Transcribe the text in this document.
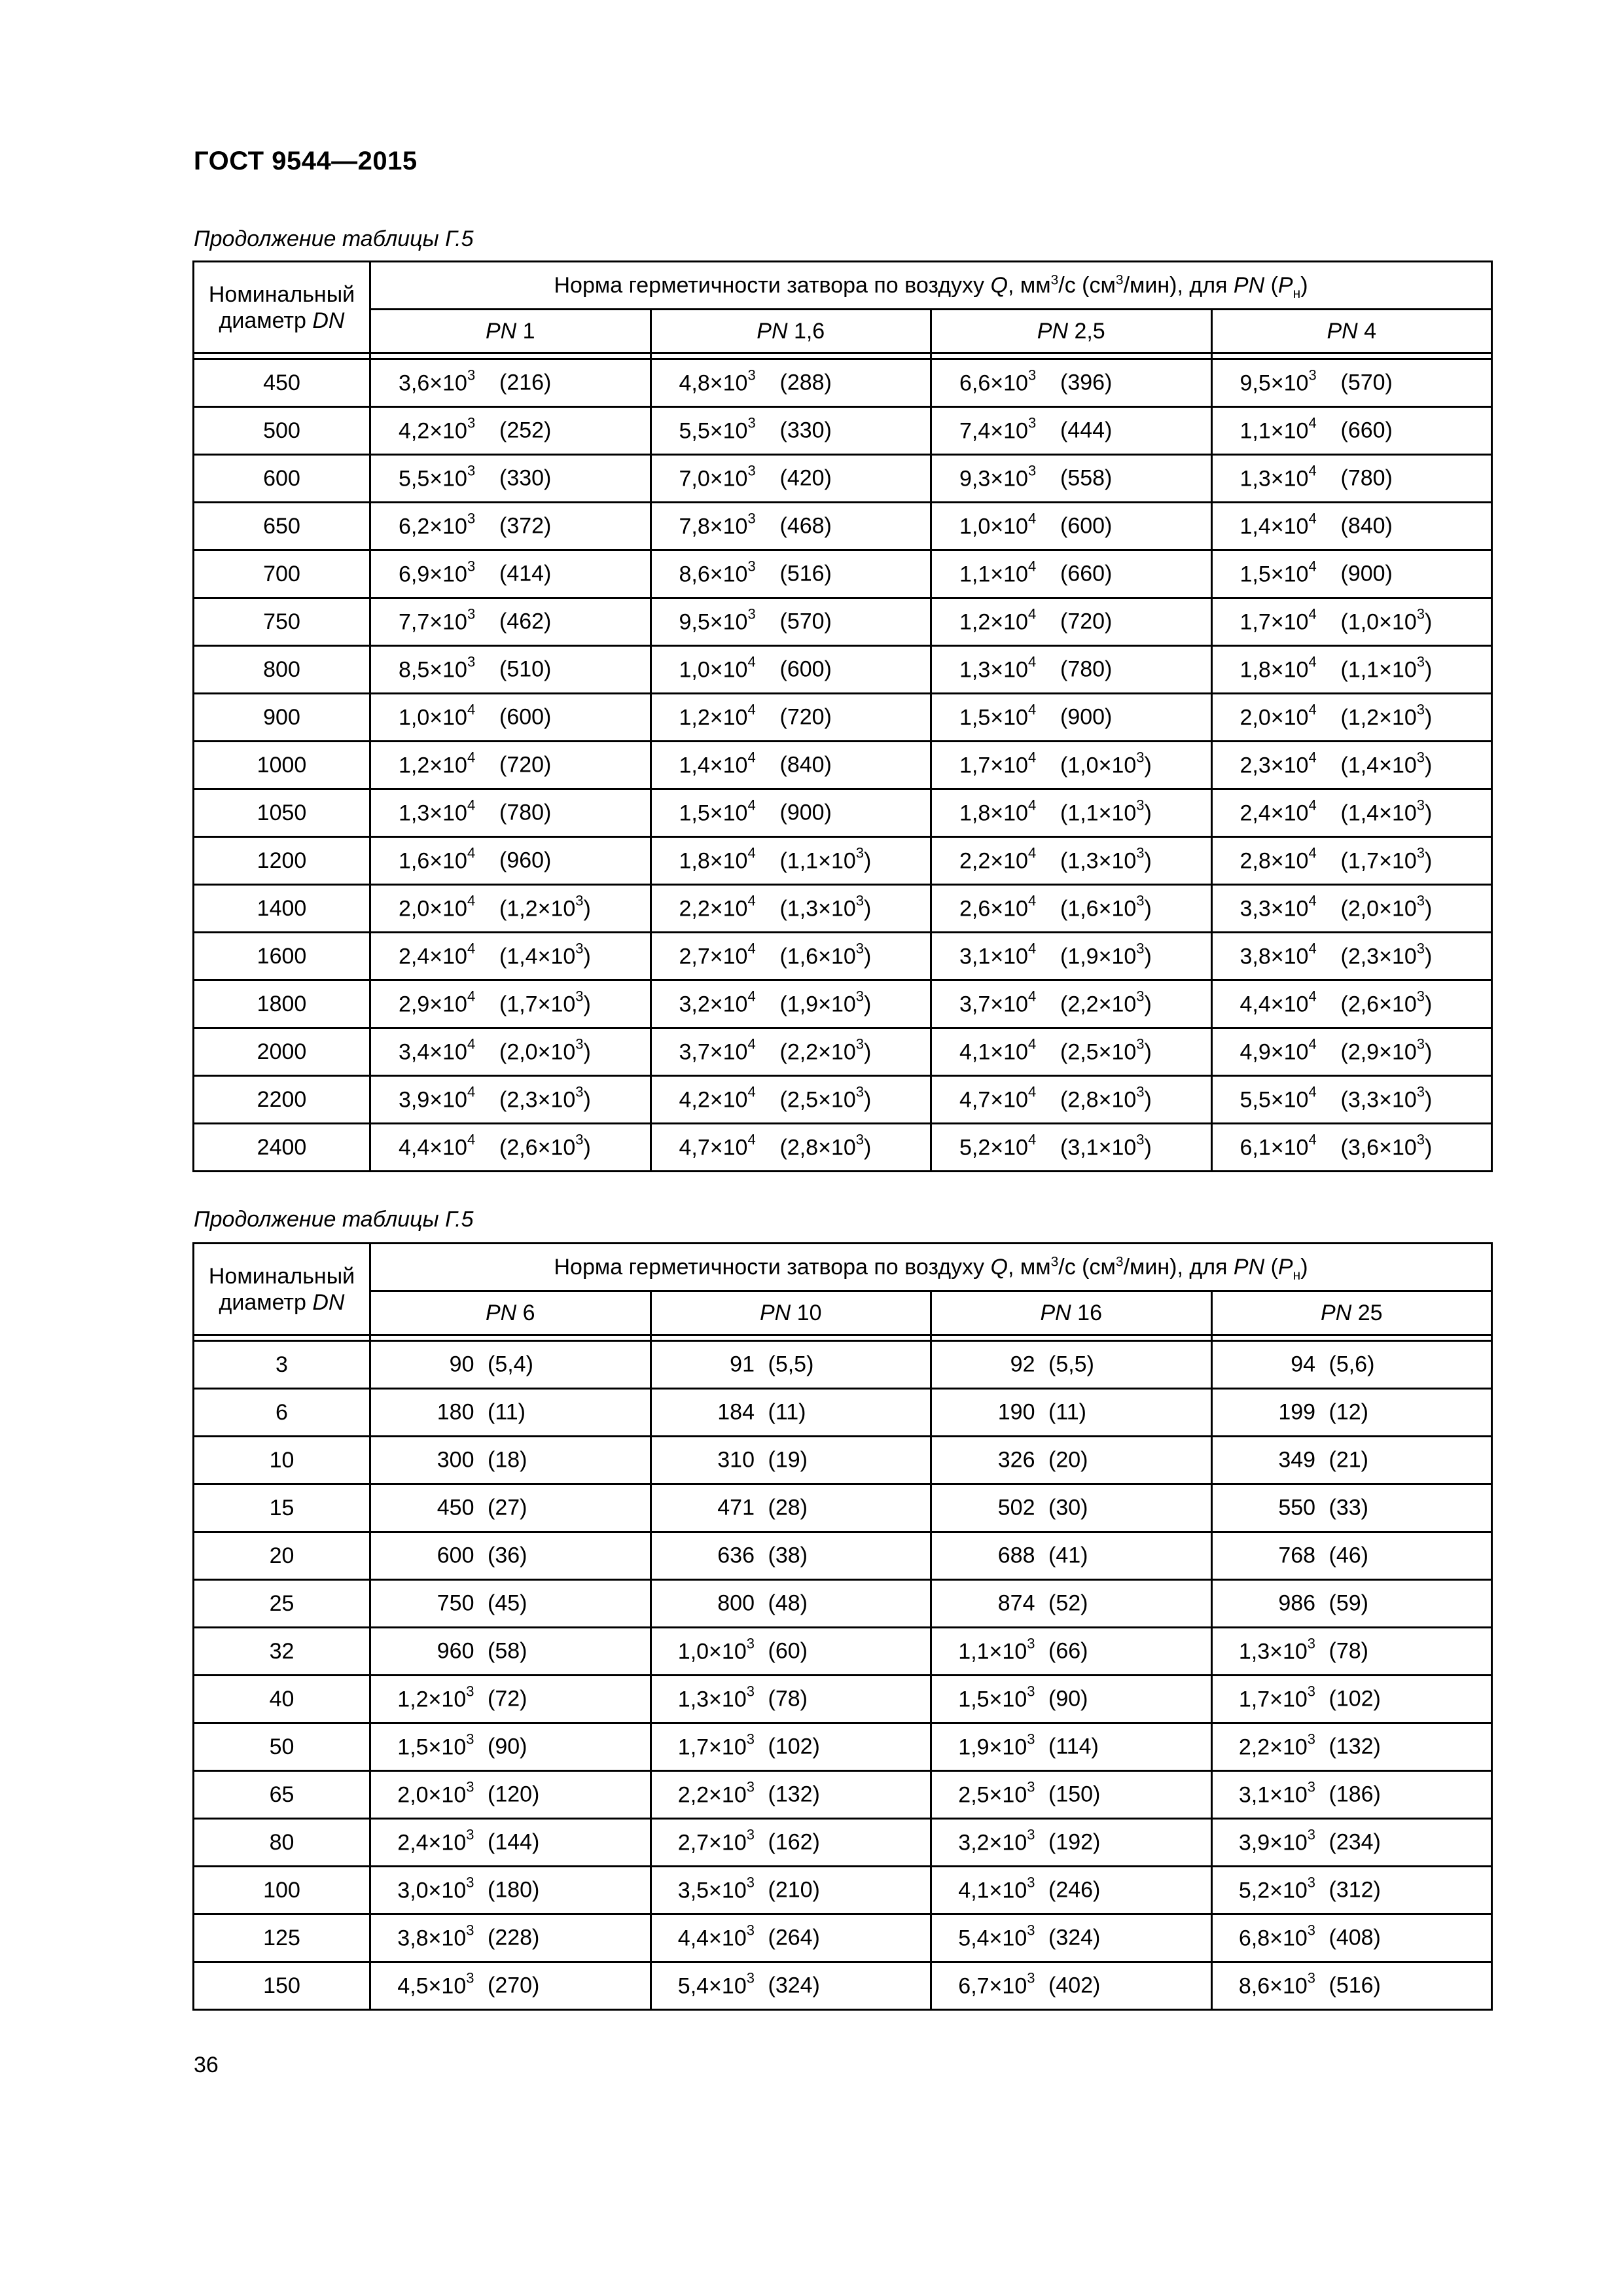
ГОСТ 9544—2015
Продолжение таблицы Г.5
Номинальный
диаметр DN	Норма герметичности затвора по воздуху Q, $мм^3/с$ $(см^3/мин)$, для PN $(P_н)$			
	PN 1	PN 1,6	PN 2,5	PN 4

450	$3,6\times 10^3$ (216)	$4,8\times 10^3$ (288)	$6,6\times 10^3$ (396)	$9,5\times 10^3$ (570)

500	$4,2\times 10^3$ (252)	$5,5\times 10^3$ (330)	$7,4\times 10^3$ (444)	$1,1\times 10^4$ (660)

600	$5,5\times 10^3$ (330)	$7,0\times 10^3$ (420)	$9,3\times 10^3$ (558)	$1,3\times 10^4$ (780)

650	$6,2\times 10^3$ (372)	$7,8\times 10^3$ (468)	$1,0\times 10^4$ (600)	$1,4\times 10^4$ (840)

700	$6,9\times 10^3$ (414)	$8,6\times 10^3$ (516)	$1,1\times 10^4$ (660)	$1,5\times 10^4$ (900)

750	$7,7\times 10^3$ (462)	$9,5\times 10^3$ (570)	$1,2\times 10^4$ (720)	$1,7\times 10^4$ $(1,0\times 10^3)$

800	$8,5\times 10^3$ (510)	$1,0\times 10^4$ (600)	$1,3\times 10^4$ (780)	$1,8\times 10^4$ $(1,1\times 10^3)$

900	$1,0\times 10^4$ (600)	$1,2\times 10^4$ (720)	$1,5\times 10^4$ (900)	$2,0\times 10^4$ $(1,2\times 10^3)$

1000	$1,2\times 10^4$ (720)	$1,4\times 10^4$ (840)	$1,7\times 10^4$ $(1,0\times 10^3)$	$2,3\times 10^4$ $(1,4\times 10^3)$

1050	$1,3\times 10^4$ (780)	$1,5\times 10^4$ (900)	$1,8\times 10^4$ $(1,1\times 10^3)$	$2,4\times 10^4$ $(1,4\times 10^3)$

1200	$1,6\times 10^4$ (960)	$1,8\times 10^4$ $(1,1\times 10^3)$	$2,2\times 10^4$ $(1,3\times 10^3)$	$2,8\times 10^4$ $(1,7\times 10^3)$

1400	$2,0\times 10^4$ $(1,2\times 10^3)$	$2,2\times 10^4$ $(1,3\times 10^3)$	$2,6\times 10^4$ $(1,6\times 10^3)$	$3,3\times 10^4$ $(2,0\times 10^3)$

1600	$2,4\times 10^4$ $(1,4\times 10^3)$	$2,7\times 10^4$ $(1,6\times 10^3)$	$3,1\times 10^4$ $(1,9\times 10^3)$	$3,8\times 10^4$ $(2,3\times 10^3)$

1800	$2,9\times 10^4$ $(1,7\times 10^3)$	$3,2\times 10^4$ $(1,9\times 10^3)$	$3,7\times 10^4$ $(2,2\times 10^3)$	$4,4\times 10^4$ $(2,6\times 10^3)$

2000	$3,4\times 10^4$ $(2,0\times 10^3)$	$3,7\times 10^4$ $(2,2\times 10^3)$	$4,1\times 10^4$ $(2,5\times 10^3)$	$4,9\times 10^4$ $(2,9\times 10^3)$

2200	$3,9\times 10^4$ $(2,3\times 10^3)$	$4,2\times 10^4$ $(2,5\times 10^3)$	$4,7\times 10^4$ $(2,8\times 10^3)$	$5,5\times 10^4$ $(3,3\times 10^3)$

2400	$4,4\times 10^4$ $(2,6\times 10^3)$	$4,7\times 10^4$ $(2,8\times 10^3)$	$5,2\times 10^4$ $(3,1\times 10^3)$	$6,1\times 10^4$ $(3,6\times 10^3)$
Продолжение таблицы Г.5
Номинальный
диаметр DN	Норма герметичности затвора по воздуху Q, $мм^3/с$ $(см^3/мин)$, для PN $(P_н)$			
	PN 6	PN 10	PN 16	PN 25

3	90 (5,4)	91 (5,5)	92 (5,5)	94 (5,6)

6	180 (11)	184 (11)	190 (11)	199 (12)

10	300 (18)	310 (19)	326 (20)	349 (21)

15	450 (27)	471 (28)	502 (30)	550 (33)

20	600 (36)	636 (38)	688 (41)	768 (46)

25	750 (45)	800 (48)	874 (52)	986 (59)

32	960 (58)	$1,0\times 10^3$ (60)	$1,1\times 10^3$ (66)	$1,3\times 10^3$ (78)

40	$1,2\times 10^3$ (72)	$1,3\times 10^3$ (78)	$1,5\times 10^3$ (90)	$1,7\times 10^3$ (102)

50	$1,5\times 10^3$ (90)	$1,7\times 10^3$ (102)	$1,9\times 10^3$ (114)	$2,2\times 10^3$ (132)

65	$2,0\times 10^3$ (120)	$2,2\times 10^3$ (132)	$2,5\times 10^3$ (150)	$3,1\times 10^3$ (186)

80	$2,4\times 10^3$ (144)	$2,7\times 10^3$ (162)	$3,2\times 10^3$ (192)	$3,9\times 10^3$ (234)

100	$3,0\times 10^3$ (180)	$3,5\times 10^3$ (210)	$4,1\times 10^3$ (246)	$5,2\times 10^3$ (312)

125	$3,8\times 10^3$ (228)	$4,4\times 10^3$ (264)	$5,4\times 10^3$ (324)	$6,8\times 10^3$ (408)

150	$4,5\times 10^3$ (270)	$5,4\times 10^3$ (324)	$6,7\times 10^3$ (402)	$8,6\times 10^3$ (516)
36
